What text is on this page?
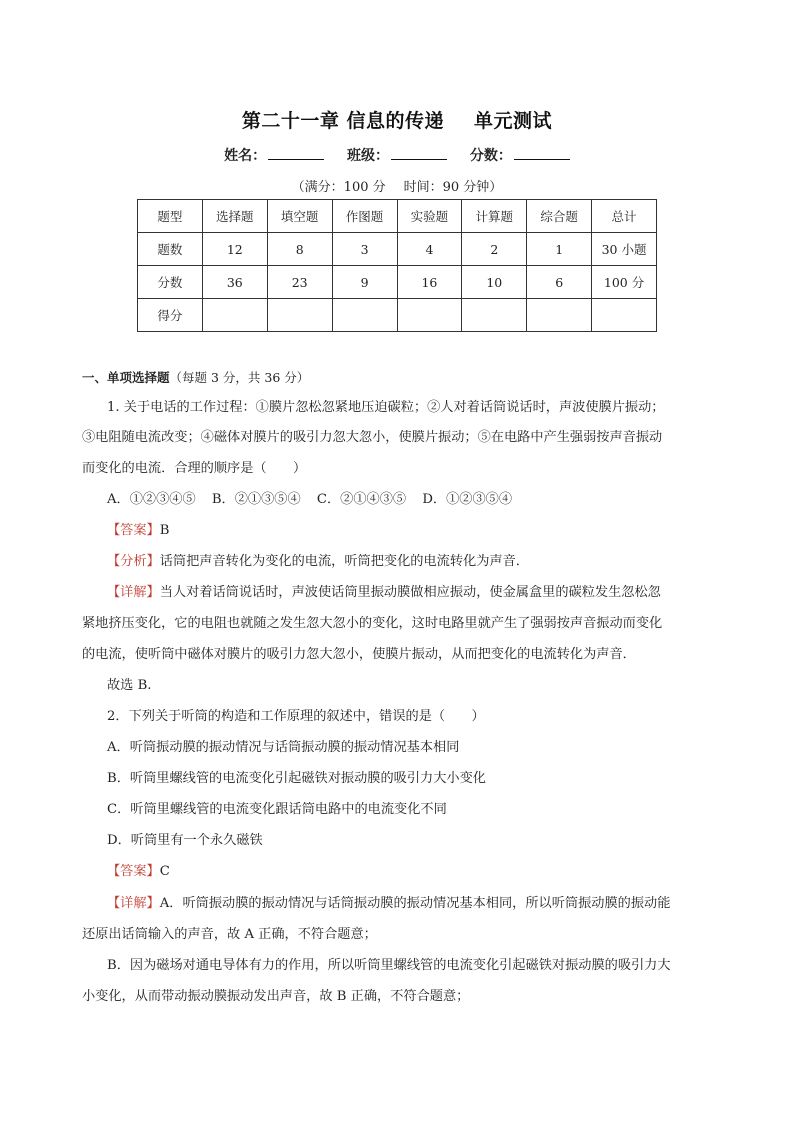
第二十一章 信息的传递 单元测试
姓名：	班级：	分数：
（满分：100 分 时间：90 分钟）
题型	选择题	填空题	作图题	实验题	计算题	综合题	总计
题数	12	8	3	4	2	1	30 小题
分数	36	23	9	16	10	6	100 分
得分							
一、单项选择题（每题 3 分，共 36 分）
1. 关于电话的工作过程：①膜片忽松忽紧地压迫碳粒；②人对着话筒说话时，声波使膜片振动；
③电阻随电流改变；④磁体对膜片的吸引力忽大忽小，使膜片振动；⑤在电路中产生强弱按声音振动
而变化的电流．合理的顺序是（　　）
A．①②③④⑤ B．②①③⑤④ C．②①④③⑤ D．①②③⑤④
【答案】B
【分析】话筒把声音转化为变化的电流，听筒把变化的电流转化为声音．
【详解】当人对着话筒说话时，声波使话筒里振动膜做相应振动，使金属盒里的碳粒发生忽松忽
紧地挤压变化，它的电阻也就随之发生忽大忽小的变化，这时电路里就产生了强弱按声音振动而变化
的电流，使听筒中磁体对膜片的吸引力忽大忽小，使膜片振动，从而把变化的电流转化为声音．
故选 B.
2．下列关于听筒的构造和工作原理的叙述中，错误的是（　　）
A．听筒振动膜的振动情况与话筒振动膜的振动情况基本相同
B．听筒里螺线管的电流变化引起磁铁对振动膜的吸引力大小变化
C．听筒里螺线管的电流变化跟话筒电路中的电流变化不同
D．听筒里有一个永久磁铁
【答案】C
【详解】A．听筒振动膜的振动情况与话筒振动膜的振动情况基本相同，所以听筒振动膜的振动能
还原出话筒输入的声音，故 A 正确，不符合题意；
B．因为磁场对通电导体有力的作用，所以听筒里螺线管的电流变化引起磁铁对振动膜的吸引力大
小变化，从而带动振动膜振动发出声音，故 B 正确，不符合题意；
